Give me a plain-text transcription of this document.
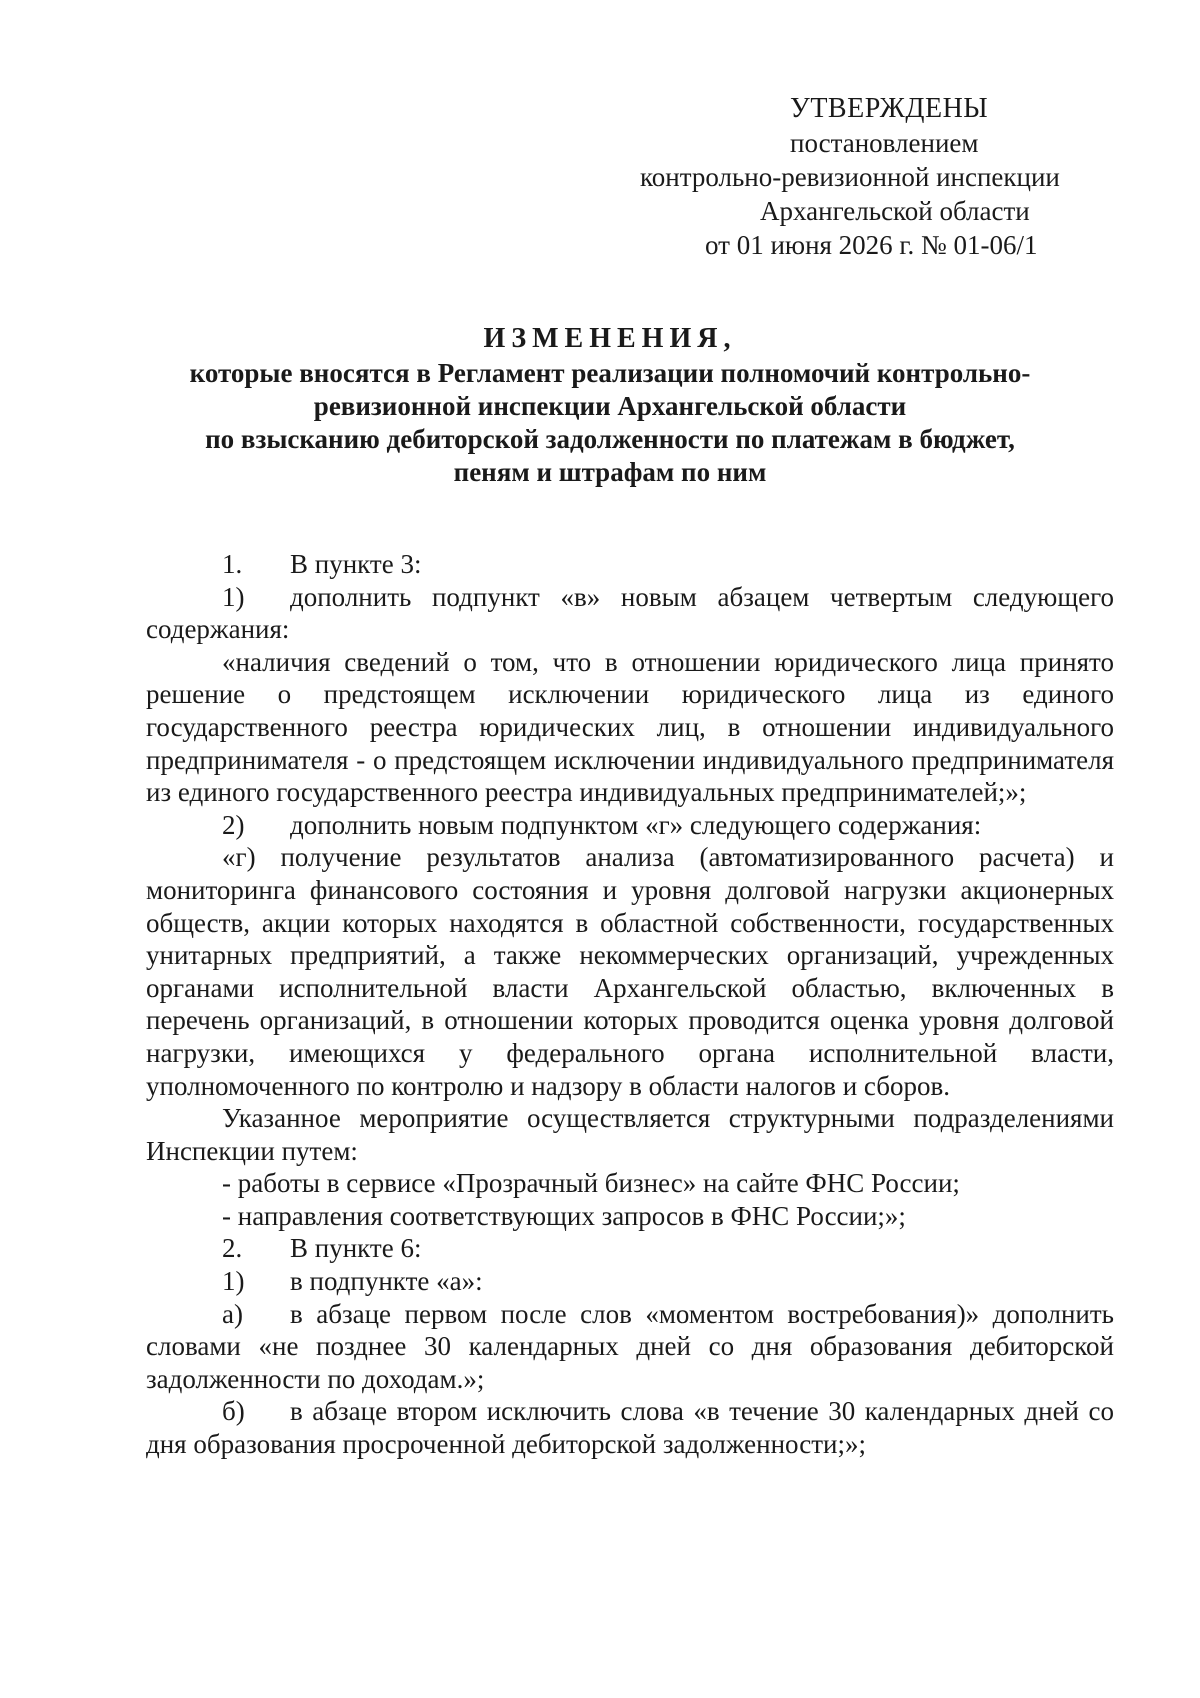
УТВЕРЖДЕНЫ
постановлением
контрольно-ревизионной инспекции
Архангельской области
от 01 июня 2026 г. № 01-06/1
ИЗМЕНЕНИЯ,
которые вносятся в Регламент реализации полномочий контрольно-
ревизионной инспекции Архангельской области
по взысканию дебиторской задолженности по платежам в бюджет,
пеням и штрафам по ним

1. В пункте 3:

1) дополнить подпункт «в» новым абзацем четвертым следующего содержания:

«наличия сведений о том, что в отношении юридического лица принято решение о предстоящем исключении юридического лица из единого государственного реестра юридических лиц, в отношении индивидуального предпринимателя - о предстоящем исключении индивидуального предпринимателя из единого государственного реестра индивидуальных предпринимателей;»;

2) дополнить новым подпунктом «г» следующего содержания:

«г) получение результатов анализа (автоматизированного расчета) и мониторинга финансового состояния и уровня долговой нагрузки акционерных обществ, акции которых находятся в областной собственности, государственных унитарных предприятий, а также некоммерческих организаций, учрежденных органами исполнительной власти Архангельской областью, включенных в перечень организаций, в отношении которых проводится оценка уровня долговой нагрузки, имеющихся у федерального органа исполнительной власти, уполномоченного по контролю и надзору в области налогов и сборов.

Указанное мероприятие осуществляется структурными подразделениями Инспекции путем:

- работы в сервисе «Прозрачный бизнес» на сайте ФНС России;

- направления соответствующих запросов в ФНС России;»;

2. В пункте 6:

1) в подпункте «а»:

а) в абзаце первом после слов «моментом востребования)» дополнить словами «не позднее 30 календарных дней со дня образования дебиторской задолженности по доходам.»;

б) в абзаце втором исключить слова «в течение 30 календарных дней со дня образования просроченной дебиторской задолженности;»;
